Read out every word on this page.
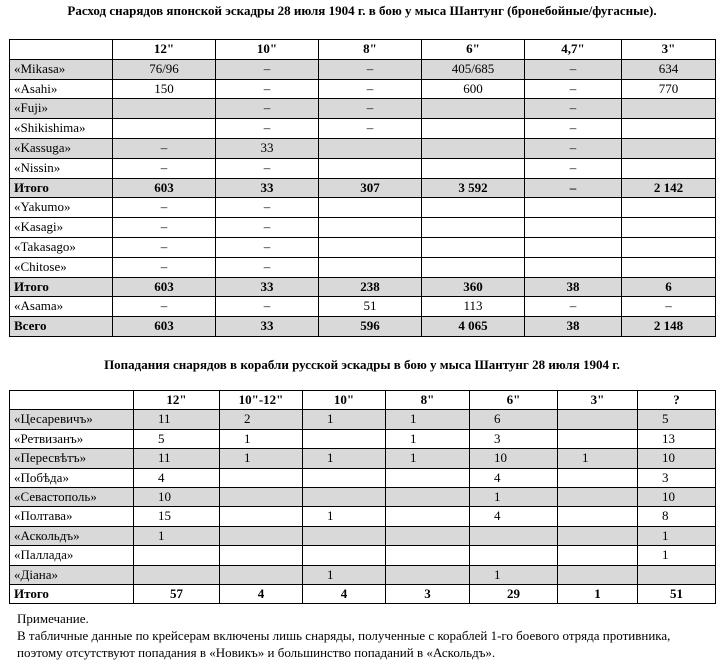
Расход снарядов японской эскадры 28 июля 1904 г. в бою у мыса Шантунг (бронебойные/фугасные).
	12"	10"	8"	6"	4,7"	3"
«Mikasa»	76/96	–	–	405/685	–	634
«Asahi»	150	–	–	600	–	770
«Fuji»		–	–		–	
«Shikishima»		–	–		–	
«Kassuga»	–	33			–	
«Nissin»	–	–			–	
Итого	603	33	307	3 592	–	2 142
«Yakumo»	–	–				
«Kasagi»	–	–				
«Takasago»	–	–				
«Chitose»	–	–				
Итого	603	33	238	360	38	6
«Asama»	–	–	51	113	–	–
Всего	603	33	596	4 065	38	2 148
Попадания снарядов в корабли русской эскадры в бою у мыса Шантунг 28 июля 1904 г.
	12"	10"-12"	10"	8"	6"	3"	?
«Цесаревичъ»	11	2	1	1	6		5
«Ретвизанъ»	5	1		1	3		13
«Пересвѣтъ»	11	1	1	1	10	1	10
«Побѣда»	4				4		3
«Севастополь»	10				1		10
«Полтава»	15		1		4		8
«Аскольдъ»	1						1
«Паллада»							1
«Діана»			1		1		
Итого	57	4	4	3	29	1	51
Примечание.
В табличные данные по крейсерам включены лишь снаряды, полученные с кораблей 1-го боевого отряда противника, поэтому отсутствуют попадания в «Новикъ» и большинство попаданий в «Аскольдъ».
